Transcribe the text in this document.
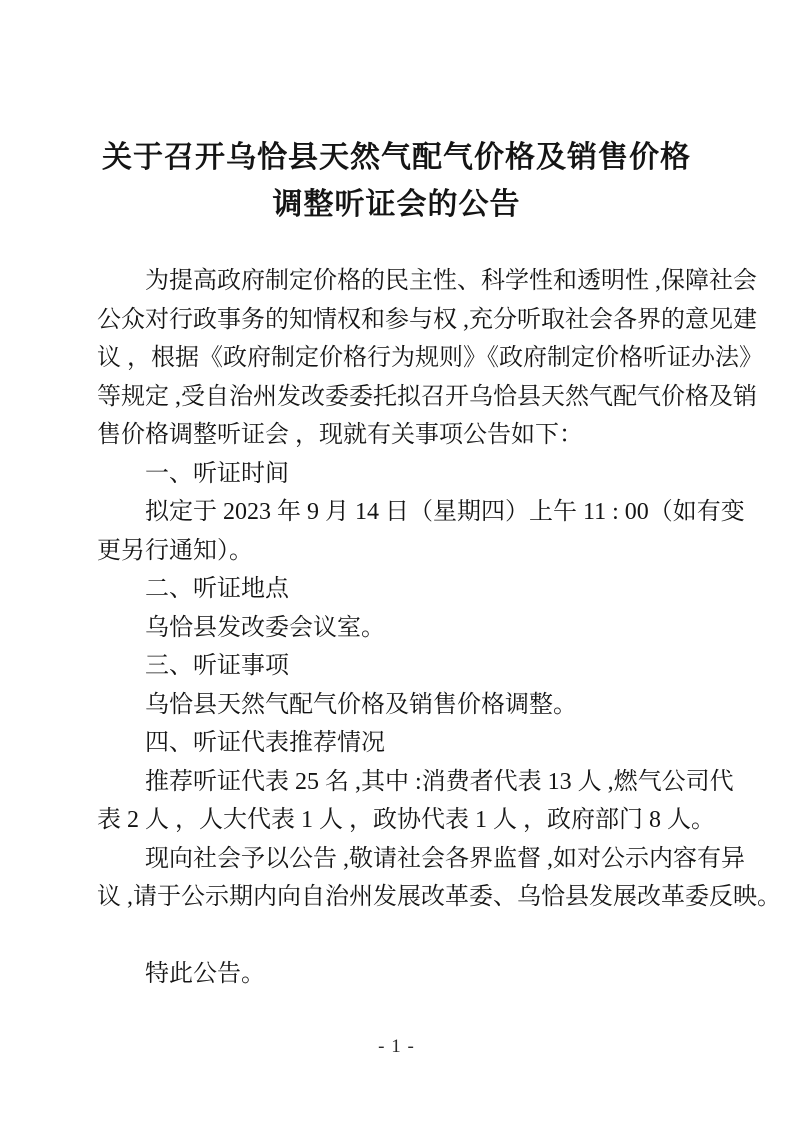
关于召开乌恰县天然气配气价格及销售价格
调整听证会的公告
为提高政府制定价格的民主性、科学性和透明性 ,保障社会
公众对行政事务的知情权和参与权 ,充分听取社会各界的意见建
议 ，根据《政府制定价格行为规则》《政府制定价格听证办法》
等规定 ,受自治州发改委委托拟召开乌恰县天然气配气价格及销
售价格调整听证会 ，现就有关事项公告如下：
一、听证时间
拟定于 2023 年 9 月 14 日（星期四）上午 11 : 00（如有变
更另行通知）。
二、听证地点
乌恰县发改委会议室。
三、听证事项
乌恰县天然气配气价格及销售价格调整。
四、听证代表推荐情况
推荐听证代表 25 名 ,其中 :消费者代表 13 人 ,燃气公司代
表 2 人 ，人大代表 1 人 ，政协代表 1 人 ，政府部门 8 人。
现向社会予以公告 ,敬请社会各界监督 ,如对公示内容有异
议 ,请于公示期内向自治州发展改革委、乌恰县发展改革委反映。

特此公告。
- 1 -
